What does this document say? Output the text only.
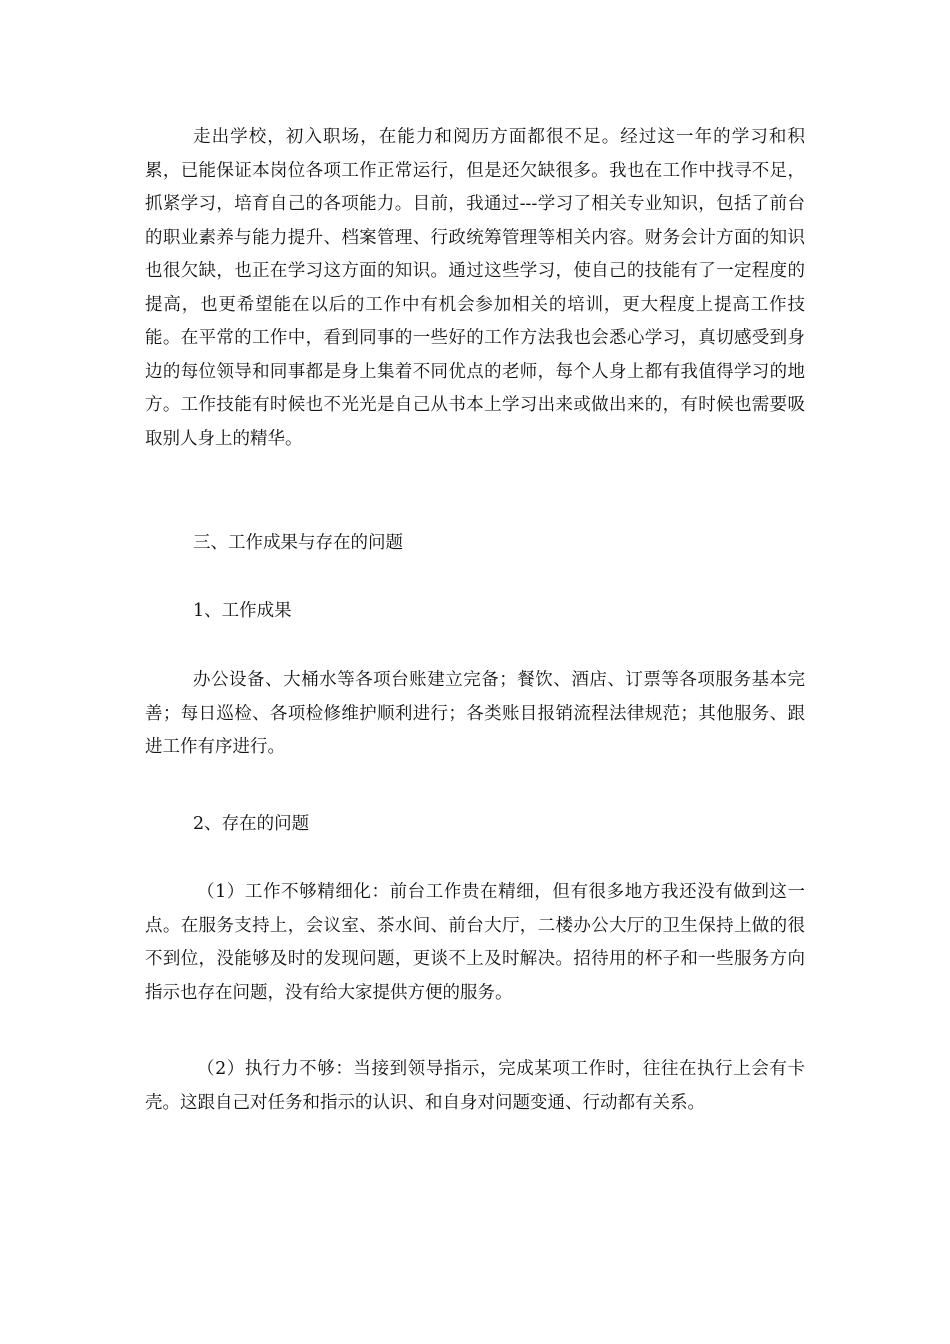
走出学校，初入职场，在能力和阅历方面都很不足。经过这一年的学习和积累，已能保证本岗位各项工作正常运行，但是还欠缺很多。我也在工作中找寻不足，抓紧学习，培育自己的各项能力。目前，我通过---学习了相关专业知识，包括了前台的职业素养与能力提升、档案管理、行政统筹管理等相关内容。财务会计方面的知识也很欠缺，也正在学习这方面的知识。通过这些学习，使自己的技能有了一定程度的提高，也更希望能在以后的工作中有机会参加相关的培训，更大程度上提高工作技能。在平常的工作中，看到同事的一些好的工作方法我也会悉心学习，真切感受到身边的每位领导和同事都是身上集着不同优点的老师，每个人身上都有我值得学习的地方。工作技能有时候也不光光是自己从书本上学习出来或做出来的，有时候也需要吸取别人身上的精华。

三、工作成果与存在的问题

1、工作成果

办公设备、大桶水等各项台账建立完备；餐饮、酒店、订票等各项服务基本完善；每日巡检、各项检修维护顺利进行；各类账目报销流程法律规范；其他服务、跟进工作有序进行。

2、存在的问题

（1）工作不够精细化：前台工作贵在精细，但有很多地方我还没有做到这一点。在服务支持上，会议室、茶水间、前台大厅，二楼办公大厅的卫生保持上做的很不到位，没能够及时的发现问题，更谈不上及时解决。招待用的杯子和一些服务方向指示也存在问题，没有给大家提供方便的服务。

（2）执行力不够：当接到领导指示，完成某项工作时，往往在执行上会有卡壳。这跟自己对任务和指示的认识、和自身对问题变通、行动都有关系。
